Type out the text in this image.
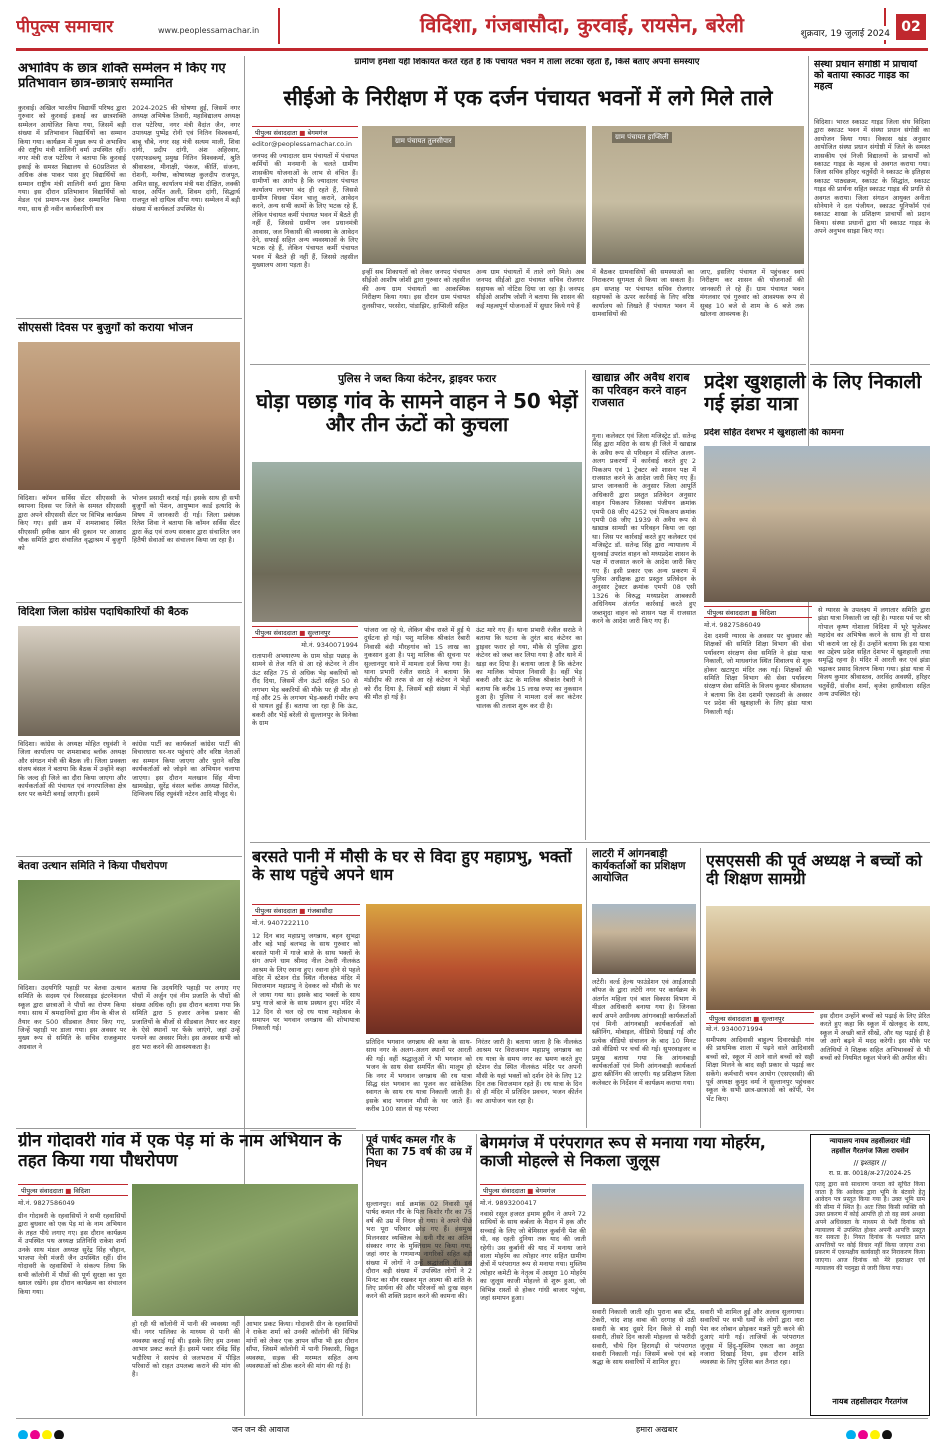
पीपुल्स समाचार	www.peoplessamachar.in	विदिशा, गंजबासौदा, कुरवाई, रायसेन, बरेली	02
अभाविप के छात्र शक्ति सम्मेलन में किए गए प्रतिभावान छात्र-छात्राएं सम्मानित
कुरवाई। अखिल भारतीय विद्यार्थी परिषद द्वारा गुरुवार को कुरवाई इकाई का छात्रशक्ति सम्मेलन आयोजित किया गया, जिसमें बड़ी संख्या में प्रतिभावान विद्यार्थियों का सम्मान किया गया। कार्यक्रम में मुख्य रूप से अभाविप की राष्ट्रीय मंत्री शालिनी वर्मा उपस्थित रहीं। नगर मंत्री राज पटेरिया ने बताया कि कुरवाई इकाई के समस्त विद्यालय से 60प्रतिशत से अधिक अंक पाकर पास हुए विद्यार्थियों का सम्मान राष्ट्रीय मंत्री शालिनी वर्मा द्वारा किया गया। इस दौरान प्रतिभावान विद्यार्थियों को मेडल एवं प्रमाण-पत्र देकर सम्मानित किया गया, साथ ही नवीन कार्यकारिणी सत्र
2024-2025 की घोषणा हुई, जिसमें नगर अध्यक्ष अभिषेक तिवारी, महाविद्यालय अध्यक्ष राज पटेरिया, नगर मंत्री वैदांत जैन, नगर उपाध्यक्ष पुष्पेंद्र रोनी एवं नितिन विश्वकर्मा, बाबू चौबे, नगर सह मंत्री सत्यम माली, शिवा दांगी, प्रदीप दांगी, अंश अहिरवार, एसएफडब्ल्यू प्रमुख नितिन विश्वकर्मा, श्रुति श्रीवास्तव, मीनाक्षी, पंकज, कीर्ति, संजना, रोशनी, मनीषा, कोषाध्यक्ष कुलदीप राजपूत, अमित साहू, कार्यालय मंत्री यश दीक्षित, लक्की यादव, अर्पित अली, शिवम दांगी, सिद्धार्थ राजपूत को दायित्व सौंपा गया। सम्मेलन में बड़ी संख्या में कार्यकर्ता उपस्थित थे।
सीएससी दिवस पर बुजुर्गों को कराया भोजन
विदिशा। कॉमन सर्विस सेंटर सीएससी के स्थापना दिवस पर जिले के समस्त सीएससी द्वारा अपने सीएससी सेंटर पर विभिन्न कार्यक्रम किए गए। इसी क्रम में शमशाबाद स्थित सीएससी हमीक खान की दुकान पर आजाद चौक समिति द्वारा संचालित वृद्धाश्रम में बुजुर्गों को
भोजन प्रसादी कराई गई। इसके साथ ही सभी बुजुर्गों को पेंशन, आयुष्मान कार्ड इत्यादि के विषय में जानकारी दी गई। जिला प्रबंधक रितेश शिवा ने बताया कि कॉमन सर्विस सेंटर द्वारा केंद्र एवं राज्य सरकार द्वारा संचालित जन हितैषी सेवाओं का संचालन किया जा रहा है।
विदिशा जिला कांग्रेस पदाधिकारियों की बैठक
विदिशा। कांग्रेस के अध्यक्ष मोहित रघुवंशी ने जिला कार्यालय पर शमशाबाद ब्लॉक अध्यक्ष और संगठन मंत्री की बैठक ली। जिला प्रवक्ता संजय बंसल ने बताया कि बैठक में उन्होंने कहा कि जल्द ही जिले का दौरा किया जाएगा और कार्यकर्ताओं की पंचायत एवं नगरपालिका क्षेत्र स्तर पर कमेटी बनाई जाएगी। इसमें
कांग्रेस पार्टी का कार्यकर्ता कांग्रेस पार्टी की विचारधारा घर-घर पहुंचाएं और वरिष्ठ नेताओं का सम्मान किया जाएगा और पुराने वरिष्ठ कार्यकर्ताओं को जोड़ने का अभियान चलाया जाएगा। इस दौरान मलखान सिंह मीणा खामखेड़ा, सुरेंद्र वंसल ब्लॉक अध्यक्ष सिरोंज, दिग्विजय सिंह रघुवंशी नटेरन आदि मौजूद थे।
बेतवा उत्थान समिति ने किया पौधरोपण
विदिशा। उदयगिरि पहाड़ी पर बेतवा उत्थान समिति के सदस्य एवं रिवरसाइड इंटरनेशनल स्कूल द्वारा छात्राओं ने पौधों का रोपण किया गया। साथ में श्रमदानियों द्वारा नीम के बीज से तैयार कर 500 सीडबाल तैयार किए गए, जिन्हें पहाड़ी पर डाला गया। इस अवसर पर मुख्य रूप से समिति के सचिव राजकुमार अग्रवाल ने
बताया कि उदयगिरि पहाड़ी पर लगाए गए पौधों में अर्जुन एवं नीम प्रजाति के पौधों की संख्या अधिक रही। इस दौरान बताया गया कि समिति द्वारा 5 हजार अनेक प्रकार की प्रजातियों के बीजों से सीडबाल तैयार कर शहर के ऐसे स्थानों पर फेंके जाएंगे, जहां उन्हें पनपने का अवसर मिले। इस अवसर सभी को हरा भरा करने की आवश्यकता है।
ग्रीन गोदावरी गांव में एक पेड़ मां के नाम अभियान के तहत किया गया पौधरोपण
पीपुल्स संवाददाता ■ विदिशा
मो.नं. 9827586049
ग्रीन गोदावरी के रहवासियों ने सभी रहवासियों द्वारा बुधवार को एक पेड़ मां के नाम अभियान के तहत पौधे लगाए गए। इस दौरान कार्यक्रम में उपस्थित पथ अध्यक्ष प्रतिनिधि राकेश शर्मा उनके साथ मंडल अध्यक्ष सुरेंद्र सिंह चौहान, भाजपा नेत्री मंजरी जैन उपस्थित रहीं। ग्रीन गोदावरी के रहवासियों ने संकल्प लिया कि सभी कॉलोनी में पौधों की पूर्ण सुरक्षा का पूरा ख्याल रखेंगे। इस दौरान कार्यक्रम का संचालन किया गया।
हो रही थी कॉलोनी में पानी की व्यवस्था नहीं थी। नगर पालिका के माध्यम से पानी की व्यवस्था कराई गई थी। इसके लिए हम उनका आभार प्रकट करते हैं। इसमें पवार रविंद्र सिंह भदौरिया ने सरपंच से जलभराव में पीड़ित परिवारों को राहत उपलब्ध कराने की मांग की है।
आभार प्रकट किया। गोदावरी ग्रीन के रहवासियों ने राकेश शर्मा को उनकी कॉलोनी की विभिन्न मांगों को लेकर एक ज्ञापन सौंपा भी इस दौरान सौंपा, जिसमें कॉलोनी में पानी निकासी, विद्युत व्यवस्था, सड़क की मरम्मत सहित अन्य व्यवस्थाओं को ठीक करने की मांग की गई है।
ग्रामीण हमेशा यही शिकायत करते रहते हैं कि पंचायत भवन में ताला लटका रहता है, किसे बताएं अपनी समस्याएं
सीईओ के निरीक्षण में एक दर्जन पंचायत भवनों में लगे मिले ताले
पीपुल्स संवाददाता ■ बेगमगंज
editor@peoplessamachar.co.in
जनपद की ज्यादातर ग्राम पंचायतों में पंचायत कर्मियों की मनमानी के चलते ग्रामीण शासकीय योजनाओं के लाभ से वंचित हैं। ग्रामीणों का आरोप है कि ज्यादातर पंचायत कार्यालय लगभग बंद ही रहते हैं, जिससे ग्रामीण विधवा पेंशन चालू कराने, आवेदन करने, अन्य सभी कामों के लिए भटक रहे हैं, लेकिन पंचायत कर्मी पंचायत भवन में बैठते ही नहीं हैं, जिससे ग्रामीण जन प्रधानमंत्री आवास, जल निकासी की व्यवस्था के आवेदन देने, सफाई सहित अन्य व्यवस्थाओं के लिए भटक रहे हैं, लेकिन पंचायत कर्मी पंचायत भवन में बैठते ही नहीं हैं, जिससे तहसील मुख्यालय आना पड़ता है।
ग्राम पंचायत तुलसीपार	ग्राम पंचायत हाप्सिली
इन्हीं सब शिकायतों को लेकर जनपद पंचायत सीईओ आशीष जोशी द्वारा गुरुवार को तहसील की अन्य ग्राम पंचायतों का आकस्मिक निरीक्षण किया गया। इस दौरान ग्राम पंचायत तुलसीपार, परसोरा, पांडाझिर, हाप्सिली सहित
अन्य ग्राम पंचायतों में ताले लगे मिले। अब जनपद सीईओ द्वारा पंचायत सचिव रोजगार सहायक को नोटिस दिया जा रहा है। जनपद सीईओ आशीष जोशी ने बताया कि शासन की कई महत्वपूर्ण योजनाओं में सुधार किये गये हैं
में बैठकर ग्रामवासियों की समस्याओं का निराकरण सुगमता से किया जा सकता है। हम सप्ताह पर पंचायत सचिव रोजगार सहायकों के ऊपर कार्रवाई के लिए वरिष्ठ कार्यालय को लिखते हैं पंचायत भवन में ग्रामवासियों की
जाए, इसलिए पंचायत में पहुंचकर स्वयं निरीक्षण कर शासन की योजनाओं की जानकारी ले रहे हैं। ग्राम पंचायत भवन मंगलवार एवं गुरुवार को आवश्यक रूप से सुबह 10 बजे से शाम के 6 बजे तक खोलना आवश्यक है।
संस्था प्रधान संगोष्ठी में प्राचार्यों को बताया स्काउट गाइड का महत्व
विदिशा। भारत स्काउट गाइड जिला संघ विदिशा द्वारा स्काउट भवन में संस्था प्रधान संगोष्ठी का आयोजन किया गया। विकास खंड अनुसार आयोजित संस्था प्रधान संगोष्ठी में जिले के समस्त शासकीय एवं निजी विद्यालयों के प्राचार्यों को स्काउट गाइड के महत्व से अवगत कराया गया। जिला सचिव हरिहर चतुर्वेदी ने स्काउट के इतिहास स्काउट पाठ्यक्रम, स्काउट के सिद्धांत, स्काउट गाइड की प्रार्थना सहित स्काउट गाइड की प्रगति से अवगत कराया। जिला संगठन आयुक्त अनीता सोनेयाने ने दल पंजीयन, स्काउट यूनिफॉर्म एवं स्काउट शाखा के प्रशिक्षण प्राचार्यों को प्रदान किया। संस्था प्रधानों द्वारा भी स्काउट गाइड के अपने अनुभव साझा किए गए।
पुलिस ने जब्त किया कंटेनर, ड्राइवर फरार
घोड़ा पछाड़ गांव के सामने वाहन ने 50 भेड़ों और तीन ऊंटों को कुचला
पीपुल्स संवाददाता ■ सुल्तानपुर
मो.नं. 9340071994
रातापानी अभयारण्य के ग्राम घोड़ा पछाड़ के सामने से तेज गति से आ रहे कंटेनर ने तीन ऊंट सहित 75 से अधिक भेड़ बकरियों को रौंद दिया, जिसमें तीन ऊंटों सहित 50 से लगभग भेड़ बकरियों की मौके पर ही मौत हो गई और 25 के लगभग भेड़-बकरी गंभीर रूप से घायल हुई हैं। बताया जा रहा है कि ऊंट, बकरी और भेड़ें बरेली से सुल्तानपुर के विनेका के ग्राम
पांजरा जा रहे थे, लेकिन बीच रास्ते में हुई ये दुर्घटना हो गई। पशु मालिक श्रीकांत रेबारी निवासी बंदी मौरहगांव को 15 लाख का नुकसान हुआ है। पशु मालिक की सूचना पर सुल्तानपुर थाने में मामला दर्ज किया गया है। थाना प्रभारी रंजीत सराठे ने बताया कि मंडीदीप की तरफ से आ रहे कंटेनर ने भेड़ों को रौंद दिया है, जिसमें बड़ी संख्या में भेड़ों की मौत हो गई है।
ऊंट मारे गए हैं। थाना प्रभारी रंजीत सराठे ने बताया कि घटना के तुरंत बाद कंटेनर का ड्राइवर फरार हो गया, मौके से पुलिस द्वारा कंटेनर को जब्त कर लिया गया है और थाने में खड़ा कर दिया है। बताया जाता है कि कंटेनर का मालिक भोपाल निवासी है। वहीं भेड़ बकरी और ऊंट के मालिक श्रीकांत रेबारी ने बताया कि करीब 15 लाख रुपए का नुकसान हुआ है। पुलिस ने मामला दर्ज कर कंटेनर चालक की तलाश शुरू कर दी है।
खाद्यान्न और अवैध शराब का परिवहन करने वाहन राजसात
गुना। कलेक्टर एवं जिला मजिस्ट्रेट डॉ. सतेन्द्र सिंह द्वारा मदिरा के साथ ही जिले में खाद्यान्न के अवैध रूप से परिवहन में संलिप्त अलग-अलग प्रकरणों में कार्रवाई करते हुए 2 पिकअप एवं 1 ट्रेक्टर को शासन पक्ष में राजसात करने के आदेश जारी किए गए हैं। प्राप्त जानकारी के अनुसार जिला आपूर्ति अधिकारी द्वारा प्रस्तुत प्रतिवेदन अनुसार वाहन पिकअप जिसका पंजीयन क्रमांक एमपी 08 जीए 4252 एवं पिकअप क्रमांक एमपी 08 जीए 1939 से अवैध रूप से खाद्यान्न सामग्री का परिवहन किया जा रहा था। जिस पर कार्रवाई करते हुए कलेक्टर एवं मजिस्ट्रेट डॉ. सतेन्द्र सिंह द्वारा न्यायालय में सुनवाई उपरांत वाहन को मध्यप्रदेश शासन के पक्ष में राजसात करने के आदेश जारी किए गए हैं। इसी प्रकार एक अन्य प्रकरण में पुलिस अधीक्षक द्वारा प्रस्तुत प्रतिवेदन के अनुसार ट्रेक्टर क्रमांक एमपी 08 एसी 1326 के विरुद्ध मध्यप्रदेश आबकारी अधिनियम अंतर्गत कार्रवाई करते हुए जब्तशुदा वाहन को शासन पक्ष में राजसात करने के आदेश जारी किए गए हैं।
प्रदेश खुशहाली के लिए निकाली गई झंडा यात्रा
प्रदेश सहित देशभर में खुशहाली की कामना
पीपुल्स संवाददाता ■ विदिशा
मो.नं. 9827586049
देश दशमी ग्यारस के अवसर पर बुधवार को शिक्षकों की समिति शिक्षा विभाग की सेवा पर्यावरण संरक्षण सेवा समिति ने झंडा यात्रा निकाली, जो माधवगंज स्थित शिवालय से शुरू होकर खटापुरा मंदिर तक गई। शिक्षकों की समिति शिक्षा विभाग की सेवा पर्यावरण संरक्षण सेवा समिति के विजय कुमार श्रीवास्तव ने बताया कि देश दशमी एकादशी के अवसर पर प्रदेश की खुशहाली के लिए झंडा यात्रा निकाली गई।
से ग्यारस के उपलक्ष्य में लगातार समिति द्वारा झंडा यात्रा निकाली जा रही है। ग्यारस पर्व पर श्री गोपाल कृष्ण गोशाला विदिशा में भूरे भुजेश्वर महादेव का अभिषेक करने के साथ ही गो ग्रास भी कराये जा रहे हैं। उन्होंने बताया कि इस यात्रा का उद्देश्य प्रदेश सहित देशभर में खुशहाली तथा समृद्धि रहना है। मंदिर में आरती कर एवं झंडा चढ़ाकर प्रसाद वितरण किया गया। झंडा यात्रा में विजय कुमार श्रीवास्तव, अरविंद अवस्थी, हरिहर चतुर्वेदी, संजीव शर्मा, बृजेश हाथीवाला सहित अन्य उपस्थित रहे।
बरसते पानी में मौसी के घर से विदा हुए महाप्रभु, भक्तों के साथ पहुंचे अपने धाम
पीपुल्स संवाददाता ■ गंजबासौदा
मो.नं. 9407222110
12 दिन बाद महाप्रभु जगन्नाथ, बहन सुभद्रा और बड़े भाई बलभद्र के साथ गुरुवार को बरसते पानी में गाजे बाजे के साथ भक्तों के संग अपने धाम श्रीमद नील टेकरी नीलकंठ आश्रम के लिए रवाना हुए। रवाना होने से पहले मंदिर में स्टेशन रोड स्थित नीलकंठ मंदिर में विराजमान महाप्रभु ने देवकर को मौसी के घर ले जाया गया था। इसके बाद भक्तों के साथ प्रभु गाजे बाजे के साथ प्रस्थान हुए। मंदिर में 12 दिन से चल रहे रथ यात्रा महोत्सव के समापन पर भगवान जगन्नाथ की शोभायात्रा निकाली गई।
प्रतिदिन भगवान जगन्नाथ की कथा के साथ-साथ नगर के अलग-अलग स्थानों पर आरती की गई। वहीं श्रद्धालुओं ने भी भगवान को भजन के साथ सेवा समर्पित की। मालूम हो कि नगर में भगवान जगन्नाथ की रथ यात्रा सिद्ध संत भगवान का पूजन कर सांकेतिक स्वागत के साथ रथ यात्रा निकाली जाती है। इसके बाद भगवान मौसी के घर जाते हैं। करीब 100 साल से यह परंपरा
निरंतर जारी है। बताया जाता है कि नीलकंठ आश्रम पर विराजमान महाप्रभु जगन्नाथ का रथ यात्रा के समय नगर का भ्रमण करते हुए स्टेशन रोड स्थित नीलकंठ मंदिर पर अपनी मौसी के यहां भक्तों को दर्शन देने के लिए 12 दिन तक विराजमान रहते हैं। रथ यात्रा के दिन से ही मंदिर में प्रतिदिन प्रवचन, भजन कीर्तन का आयोजन चल रहा है।
लाटरी में आंगनबाड़ी कार्यकर्ताओं का प्रशिक्षण आयोजित
लटेरी। वर्ल्ड हेल्थ फाउंडेशन एवं आईआरडी बॉयज के द्वारा लटेरी नगर पर कार्यक्रम के अंतर्गत महिला एवं बाल विकास विभाग में मीडल अधिकारी बनाया गया है। जिनका कार्य अपने अधीनस्थ आंगनबाड़ी कार्यकर्ताओं एवं मिनी आंगनबाड़ी कार्यकर्ताओं को स्क्रीनिंग, मोबाइल, वीडियो दिखाई गई और प्रत्येक वीडियो संचालन के बाद 10 मिनट उसे वीडियो पर चर्चा की गई। सुपरवाइजर व प्रमुख बताया गया कि आंगनबाड़ी कार्यकर्ताओं एवं मिनी आंगनबाड़ी कार्यकर्ता द्वारा स्क्रीनिंग की जाएगी। यह प्रशिक्षण जिला कलेक्टर के निर्देशन में कार्यक्रम कराया गया।
एसएससी की पूर्व अध्यक्ष ने बच्चों को दी शिक्षण सामग्री
पीपुल्स संवाददाता ■ सुल्तानपुर
मो.नं. 9340071994
समीपस्थ आदिवासी बाहुल्य दिवारखेड़ी गांव की प्राथमिक शाला में पढ़ने वाले आदिवासी बच्चों को, स्कूल में आने वाले बच्चों को सही शिक्षा मिलने के बाद सही प्रकार से पढ़ाई कर सकेंगे। कर्मचारी चयन आयोग (एसएससी) की पूर्व अध्यक्ष कुमुद वर्मा ने सुल्तानपुर पहुंचकर स्कूल के सभी छात्र-छात्राओं को कॉपी, पेन भेंट किए।
इस दौरान उन्होंने बच्चों को पढ़ाई के लिए प्रेरित करते हुए कहा कि स्कूल में खेलकूद के साथ, स्कूल में अच्छी बातें सीखें, और यह पढ़ाई ही है जो आगे बढ़ने में मदद करेगी। इस मौके पर अतिथियों ने शिक्षक सहित अभिभावकों से भी बच्चों को नियमित स्कूल भेजने की अपील की।
पूर्व पार्षद कमल गौर के पिता का 75 वर्ष की उम्र में निधन
सुल्तानपुर। वार्ड क्रमांक 02 निवासी पूर्व पार्षद कमल गौर के पिता किशोर गौर का 75 वर्ष की उम्र में निधन हो गया। वे अपने पीछे भरा पूरा परिवार छोड़ गए हैं। हंसमुख मिलनसार व्यक्तित्व के धनी गौर का अंतिम संस्कार नगर के मुक्तिधाम पर किया गया, जहां नगर के गणमान्य नागरिकों सहित बड़ी संख्या में लोगों ने उन्हें श्रद्धांजलि दी। इस दौरान बड़ी संख्या में उपस्थित लोगों ने 2 मिनट का मौन रखकर मृत आत्मा की शांति के लिए प्रार्थना की और परिजनों को दुःख सहन करने की शक्ति प्रदान करने की कामना की।
बेगमगंज में परंपरागत रूप से मनाया गया मोहर्रम, काजी मोहल्ले से निकला जुलूस
पीपुल्स संवाददाता ■ बेगमगंज
मो.नं. 9893200417
नवासे रसूल हजरत इमाम हुसैन ने अपने 72 साथियों के साथ कर्बला के मैदान में हक और सच्चाई के लिए जो बेमिसाल कुर्बानी पेश की थी, वह रहती दुनिया तक याद की जाती रहेगी। उस कुर्बानी की याद में मनाया जाने वाला मोहर्रम का त्योहार नगर सहित ग्रामीण क्षेत्रों में परंपरागत रूप से मनाया गया। मुस्लिम त्योहार कमेटी के नेतृत्व में आशूरा 10 मोहर्रम का जुलूस काजी मोहल्ले से शुरू हुआ, जो विभिन्न रास्तों से होकर गांधी बाजार पहुंचा, जहां समापन हुआ।
सवारी निकाली जाती रही। पुराना बस स्टैंड, टेकरी, चांद शाह वाबा की दरगाह से उठी सवारी के बाद दूसरे दिन किले से शाही सवारी, तीसरे दिन काजी मोहल्ला से फरीदी सवारी, चौथे दिन हिरागढ़ी से परंपरागत सवारी निकाली गई। जिसमें बच्चे एवं बड़े श्रद्धा के साथ सवारियों में शामिल हुए।
सवारी भी शामिल हुई और अलाव सुलगाया। सवारियों पर सभी धर्मों के लोगों द्वारा नारा पेश कर लोबान छोड़कर मन्नतें पूरी करने की दुआएं मांगी गई। ताजियों के परंपरागत जुलूस में हिंदू-मुस्लिम एकता का अनूठा नजारा दिखाई दिया, इस दौरान शांति व्यवस्था के लिए पुलिस बल तैनात रहा।
न्यायालय नायब तहसीलदार मंडी
तहसील गैरतगंज जिला रायसेन
// इश्तहार //
रा. प्र. क्र. 0018/अ-27/2024-25
एतद् द्वारा सर्व साधारण जनता को सूचित किया जाता है कि आवेदक द्वारा भूमि के बंटवारे हेतु आवेदन पत्र प्रस्तुत किया गया है। उक्त भूमि ग्राम की सीमा में स्थित है। अतः जिस किसी व्यक्ति को उक्त प्रकरण में कोई आपत्ति हो तो वह स्वयं अथवा अपने अधिवक्ता के माध्यम से पेशी दिनांक को न्यायालय में उपस्थित होकर अपनी आपत्ति प्रस्तुत कर सकता है। नियत दिनांक के पश्चात प्राप्त आपत्तियों पर कोई विचार नहीं किया जाएगा तथा प्रकरण में एकपक्षीय कार्यवाही कर निराकरण किया जाएगा। आज दिनांक को मेरे हस्ताक्षर एवं न्यायालय की पदमुद्रा से जारी किया गया।
नायब तहसीलदार गैरतगंज
जन जन की आवाज	हमारा अखबार
शुक्रवार, 19 जुलाई 2024
